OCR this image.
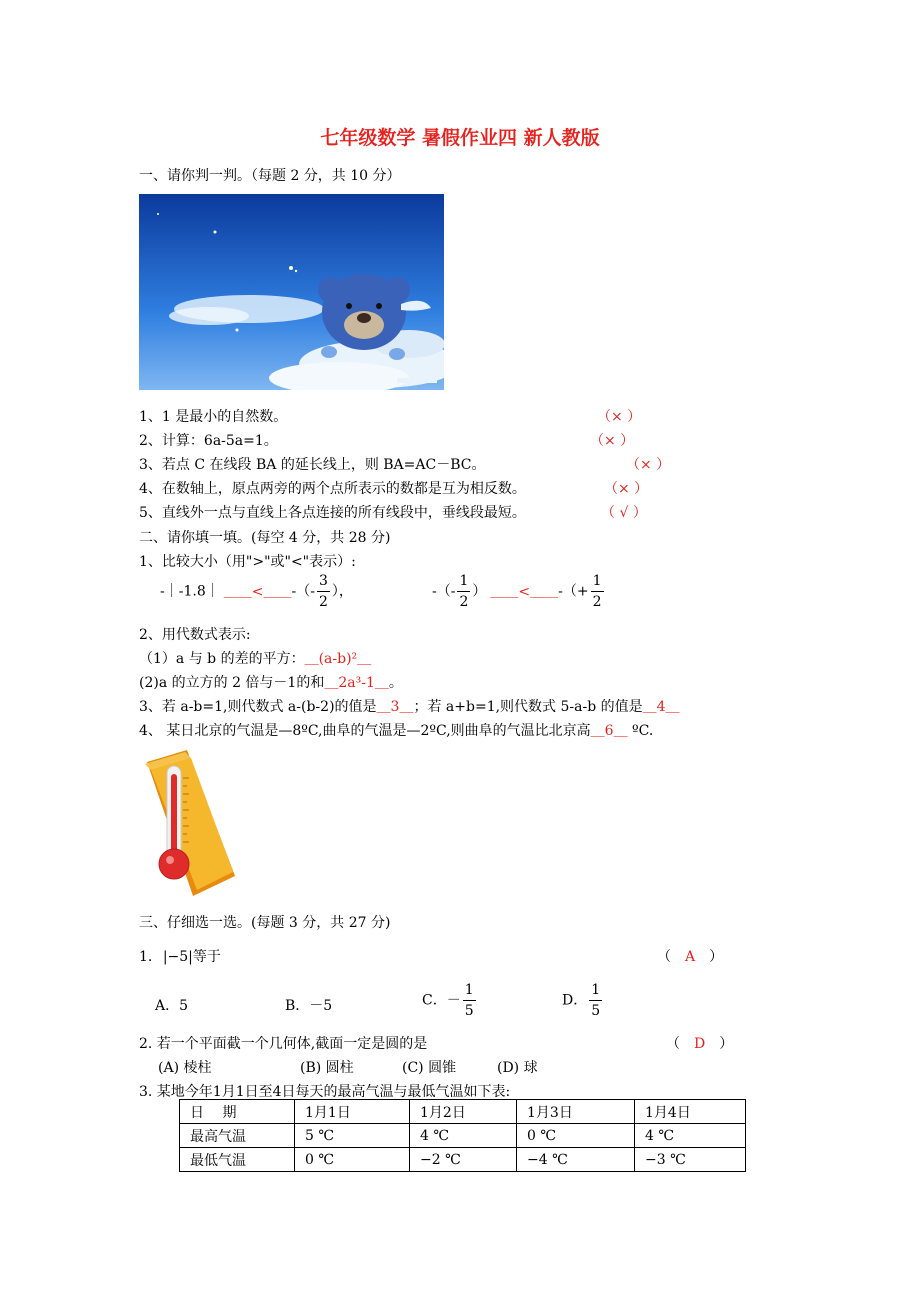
七年级数学 暑假作业四 新人教版
一、请你判一判。（每题 2 分，共 10 分）
1、1 是最小的自然数。	（× ）
2、计算：6a-5a=1。	（× ）
3、若点 C 在线段 BA 的延长线上，则 BA=AC－BC。	（× ）
4、在数轴上，原点两旁的两个点所表示的数都是互为相反数。	（× ）
5、直线外一点与直线上各点连接的所有线段中，垂线段最短。	（ √ ）
二、请你填一填。(每空 4 分，共 28 分)
1、比较大小（用">"或"<"表示）:
-｜-1.8｜ ＿＿<＿＿-（- $\frac{3}{2}$ ），	-（- $\frac{1}{2}$ ） ＿＿<＿＿-（+ $\frac{1}{2}$
2、用代数式表示:
（1）a 与 b 的差的平方：＿(a-b)²＿
(2)a 的立方的 2 倍与－1的和＿2a³-1＿。
3、若 a-b=1,则代数式 a-(b-2)的值是＿3＿；若 a+b=1,则代数式 5-a-b 的值是＿4＿
4、 某日北京的气温是—8ºC,曲阜的气温是—2ºC,则曲阜的气温比北京高＿6＿ ºC.
三、仔细选一选。(每题 3 分，共 27 分)
1. |−5|等于	（ A ）
A．5	B．－5	C．－ $\frac{1}{5}$	D． $\frac{1}{5}$
2. 若一个平面截一个几何体,截面一定是圆的是	（ D ）
(A) 棱柱	(B) 圆柱	(C) 圆锥	(D) 球
3. 某地今年1月1日至4日每天的最高气温与最低气温如下表:
日　 期	1月1日	1月2日	1月3日	1月4日
最高气温	5 ℃	4 ℃	0 ℃	4 ℃
最低气温	0 ℃	−2 ℃	−4 ℃	−3 ℃
